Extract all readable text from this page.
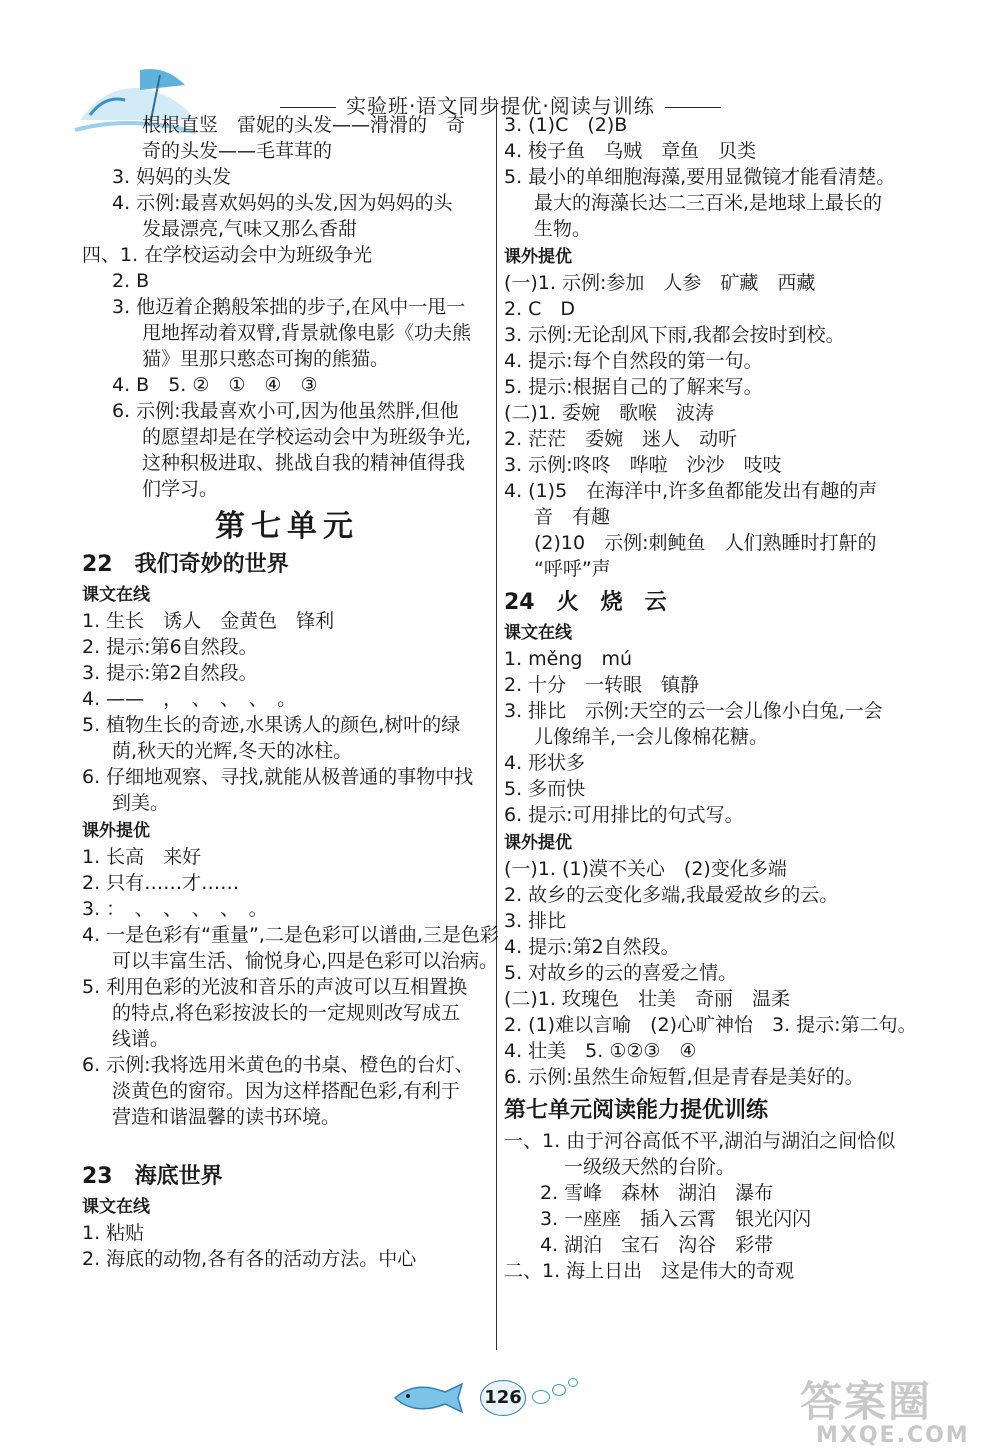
实验班·语文同步提优·阅读与训练
根根直竖　雷妮的头发——滑滑的　奇
奇的头发——毛茸茸的
3. 妈妈的头发
4. 示例:最喜欢妈妈的头发,因为妈妈的头
发最漂亮,气味又那么香甜
四、1. 在学校运动会中为班级争光
2. B
3. 他迈着企鹅般笨拙的步子,在风中一甩一
甩地挥动着双臂,背景就像电影《功夫熊
猫》里那只憨态可掬的熊猫。
4. B　5. ②　①　④　③
6. 示例:我最喜欢小可,因为他虽然胖,但他
的愿望却是在学校运动会中为班级争光,
这种积极进取、挑战自我的精神值得我
们学习。
第七单元
22　我们奇妙的世界
课文在线
1. 生长　诱人　金黄色　锋利
2. 提示:第6自然段。
3. 提示:第2自然段。
4. ——　，　、　、　、　。
5. 植物生长的奇迹,水果诱人的颜色,树叶的绿
荫,秋天的光辉,冬天的冰柱。
6. 仔细地观察、寻找,就能从极普通的事物中找
到美。
课外提优
1. 长高　来好
2. 只有……才……
3. ：　、　、　、　、　。
4. 一是色彩有“重量”,二是色彩可以谱曲,三是色彩
可以丰富生活、愉悦身心,四是色彩可以治病。
5. 利用色彩的光波和音乐的声波可以互相置换
的特点,将色彩按波长的一定规则改写成五
线谱。
6. 示例:我将选用米黄色的书桌、橙色的台灯、
淡黄色的窗帘。因为这样搭配色彩,有利于
营造和谐温馨的读书环境。

23　海底世界
课文在线
1. 粘贴
2. 海底的动物,各有各的活动方法。中心
3. (1)C　(2)B
4. 梭子鱼　乌贼　章鱼　贝类
5. 最小的单细胞海藻,要用显微镜才能看清楚。
最大的海藻长达二三百米,是地球上最长的
生物。
课外提优
(一)1. 示例:参加　人参　矿藏　西藏
2. C　D
3. 示例:无论刮风下雨,我都会按时到校。
4. 提示:每个自然段的第一句。
5. 提示:根据自己的了解来写。
(二)1. 委婉　歌喉　波涛
2. 茫茫　委婉　迷人　动听
3. 示例:咚咚　哗啦　沙沙　吱吱
4. (1)5　在海洋中,许多鱼都能发出有趣的声
音　有趣
(2)10　示例:刺鲀鱼　人们熟睡时打鼾的
“呼呼”声
24　火　烧　云
课文在线
1. měng　mú
2. 十分　一转眼　镇静
3. 排比　示例:天空的云一会儿像小白兔,一会
儿像绵羊,一会儿像棉花糖。
4. 形状多
5. 多而快
6. 提示:可用排比的句式写。
课外提优
(一)1. (1)漠不关心　(2)变化多端
2. 故乡的云变化多端,我最爱故乡的云。
3. 排比
4. 提示:第2自然段。
5. 对故乡的云的喜爱之情。
(二)1. 玫瑰色　壮美　奇丽　温柔
2. (1)难以言喻　(2)心旷神怡　3. 提示:第二句。
4. 壮美　5. ①②③　④
6. 示例:虽然生命短暂,但是青春是美好的。
第七单元阅读能力提优训练
一、1. 由于河谷高低不平,湖泊与湖泊之间恰似
一级级天然的台阶。
2. 雪峰　森林　湖泊　瀑布
3. 一座座　插入云霄　银光闪闪
4. 湖泊　宝石　沟谷　彩带
二、1. 海上日出　这是伟大的奇观
126	答案圈
MXQE.COM
